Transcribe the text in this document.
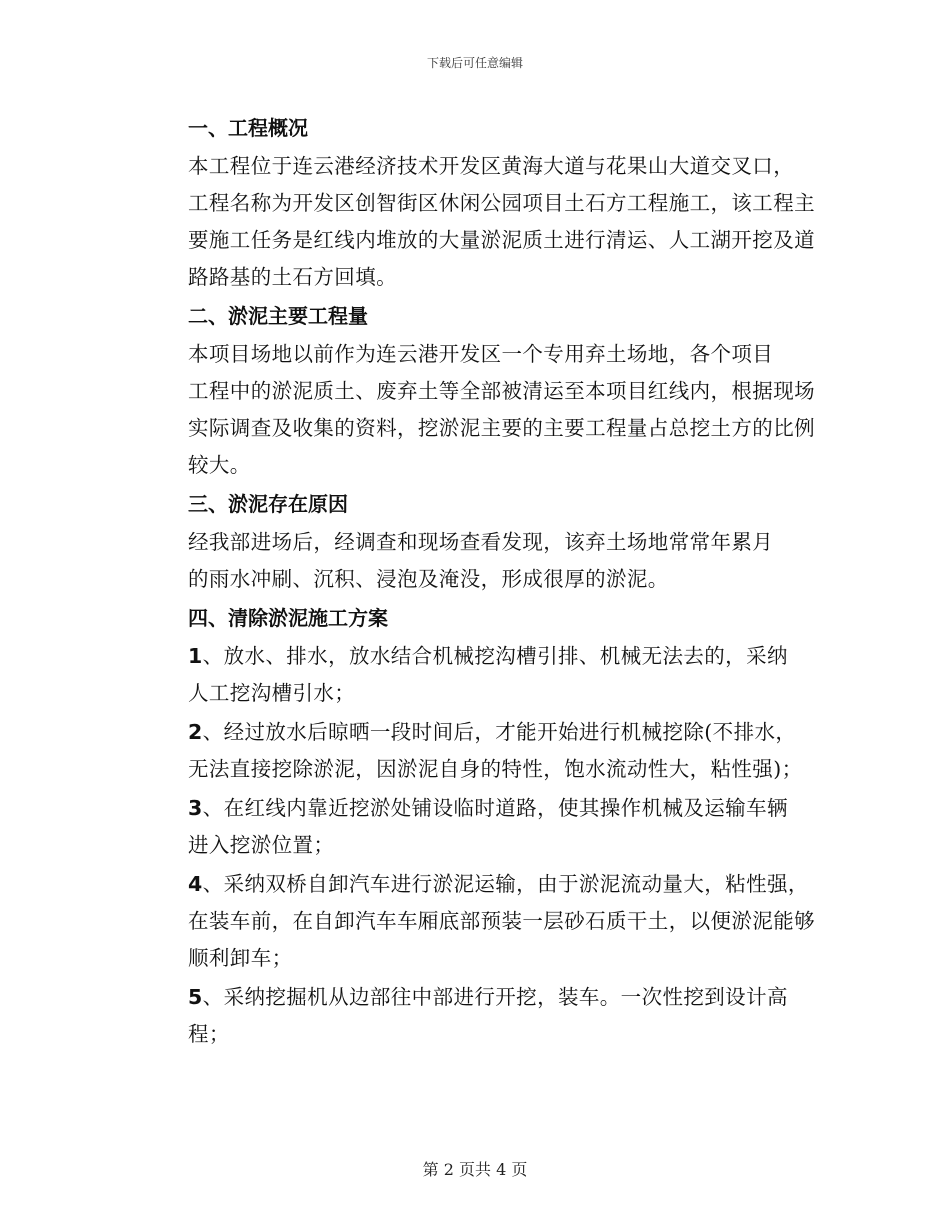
下载后可任意编辑
一、工程概况
本工程位于连云港经济技术开发区黄海大道与花果山大道交叉口，
工程名称为开发区创智街区休闲公园项目土石方工程施工，该工程主
要施工任务是红线内堆放的大量淤泥质土进行清运、人工湖开挖及道
路路基的土石方回填。
二、淤泥主要工程量
本项目场地以前作为连云港开发区一个专用弃土场地，各个项目
工程中的淤泥质土、废弃土等全部被清运至本项目红线内，根据现场
实际调查及收集的资料，挖淤泥主要的主要工程量占总挖土方的比例
较大。
三、淤泥存在原因
经我部进场后，经调查和现场查看发现，该弃土场地常常年累月
的雨水冲刷、沉积、浸泡及淹没，形成很厚的淤泥。
四、清除淤泥施工方案
1、放水、排水，放水结合机械挖沟槽引排、机械无法去的，采纳
人工挖沟槽引水；
2、经过放水后晾晒一段时间后，才能开始进行机械挖除(不排水，
无法直接挖除淤泥，因淤泥自身的特性，饱水流动性大，粘性强)；
3、在红线内靠近挖淤处铺设临时道路，使其操作机械及运输车辆
进入挖淤位置；
4、采纳双桥自卸汽车进行淤泥运输，由于淤泥流动量大，粘性强，
在装车前，在自卸汽车车厢底部预装一层砂石质干土，以便淤泥能够
顺利卸车；
5、采纳挖掘机从边部往中部进行开挖，装车。一次性挖到设计高
程；
第 2 页共 4 页
